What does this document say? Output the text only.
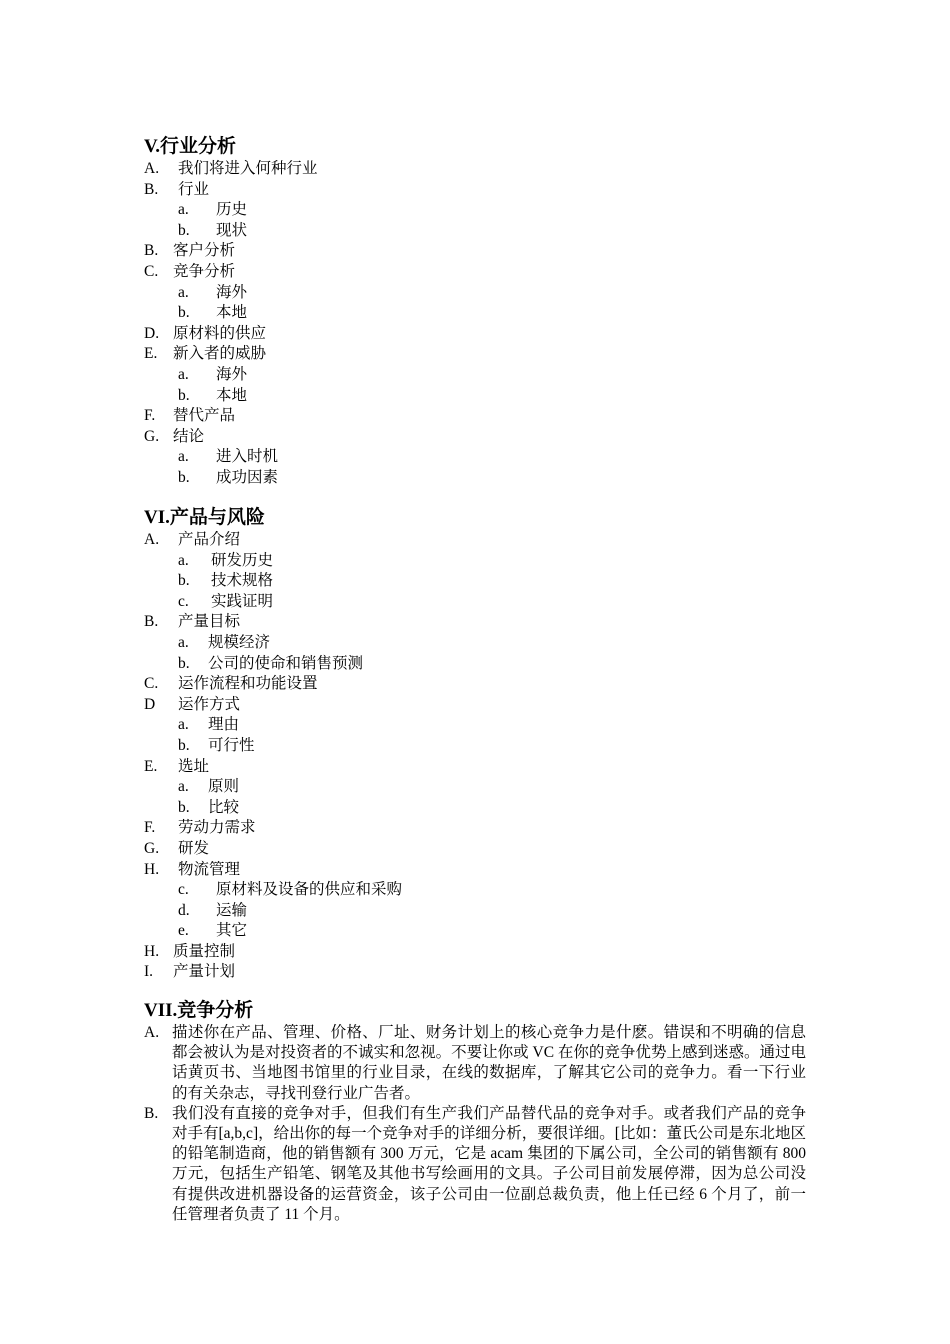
V.行业分析
A. 我们将进入何种行业
B. 行业
a. 历史
b. 现状
B. 客户分析
C. 竞争分析
a. 海外
b. 本地
D. 原材料的供应
E. 新入者的威胁
a. 海外
b. 本地
F. 替代产品
G. 结论
a. 进入时机
b. 成功因素
VI.产品与风险
A. 产品介绍
a. 研发历史
b. 技术规格
c. 实践证明
B. 产量目标
a. 规模经济
b. 公司的使命和销售预测
C. 运作流程和功能设置
D 运作方式
a. 理由
b. 可行性
E. 选址
a. 原则
b. 比较
F. 劳动力需求
G. 研发
H. 物流管理
c. 原材料及设备的供应和采购
d. 运输
e. 其它
H. 质量控制
I. 产量计划
VII.竞争分析
A. 描述你在产品、管理、价格、厂址、财务计划上的核心竞争力是什麽。错误和不明确的信息都会被认为是对投资者的不诚实和忽视。不要让你或 VC 在你的竞争优势上感到迷惑。通过电话黄页书、当地图书馆里的行业目录，在线的数据库，了解其它公司的竞争力。看一下行业的有关杂志，寻找刊登行业广告者。
B. 我们没有直接的竞争对手，但我们有生产我们产品替代品的竞争对手。或者我们产品的竞争对手有[a,b,c]，给出你的每一个竞争对手的详细分析，要很详细。[比如：董氏公司是东北地区的铅笔制造商，他的销售额有 300 万元，它是 acam 集团的下属公司，全公司的销售额有 800 万元，包括生产铅笔、钢笔及其他书写绘画用的文具。子公司目前发展停滞，因为总公司没有提供改进机器设备的运营资金，该子公司由一位副总裁负责，他上任已经 6 个月了，前一任管理者负责了 11 个月。
